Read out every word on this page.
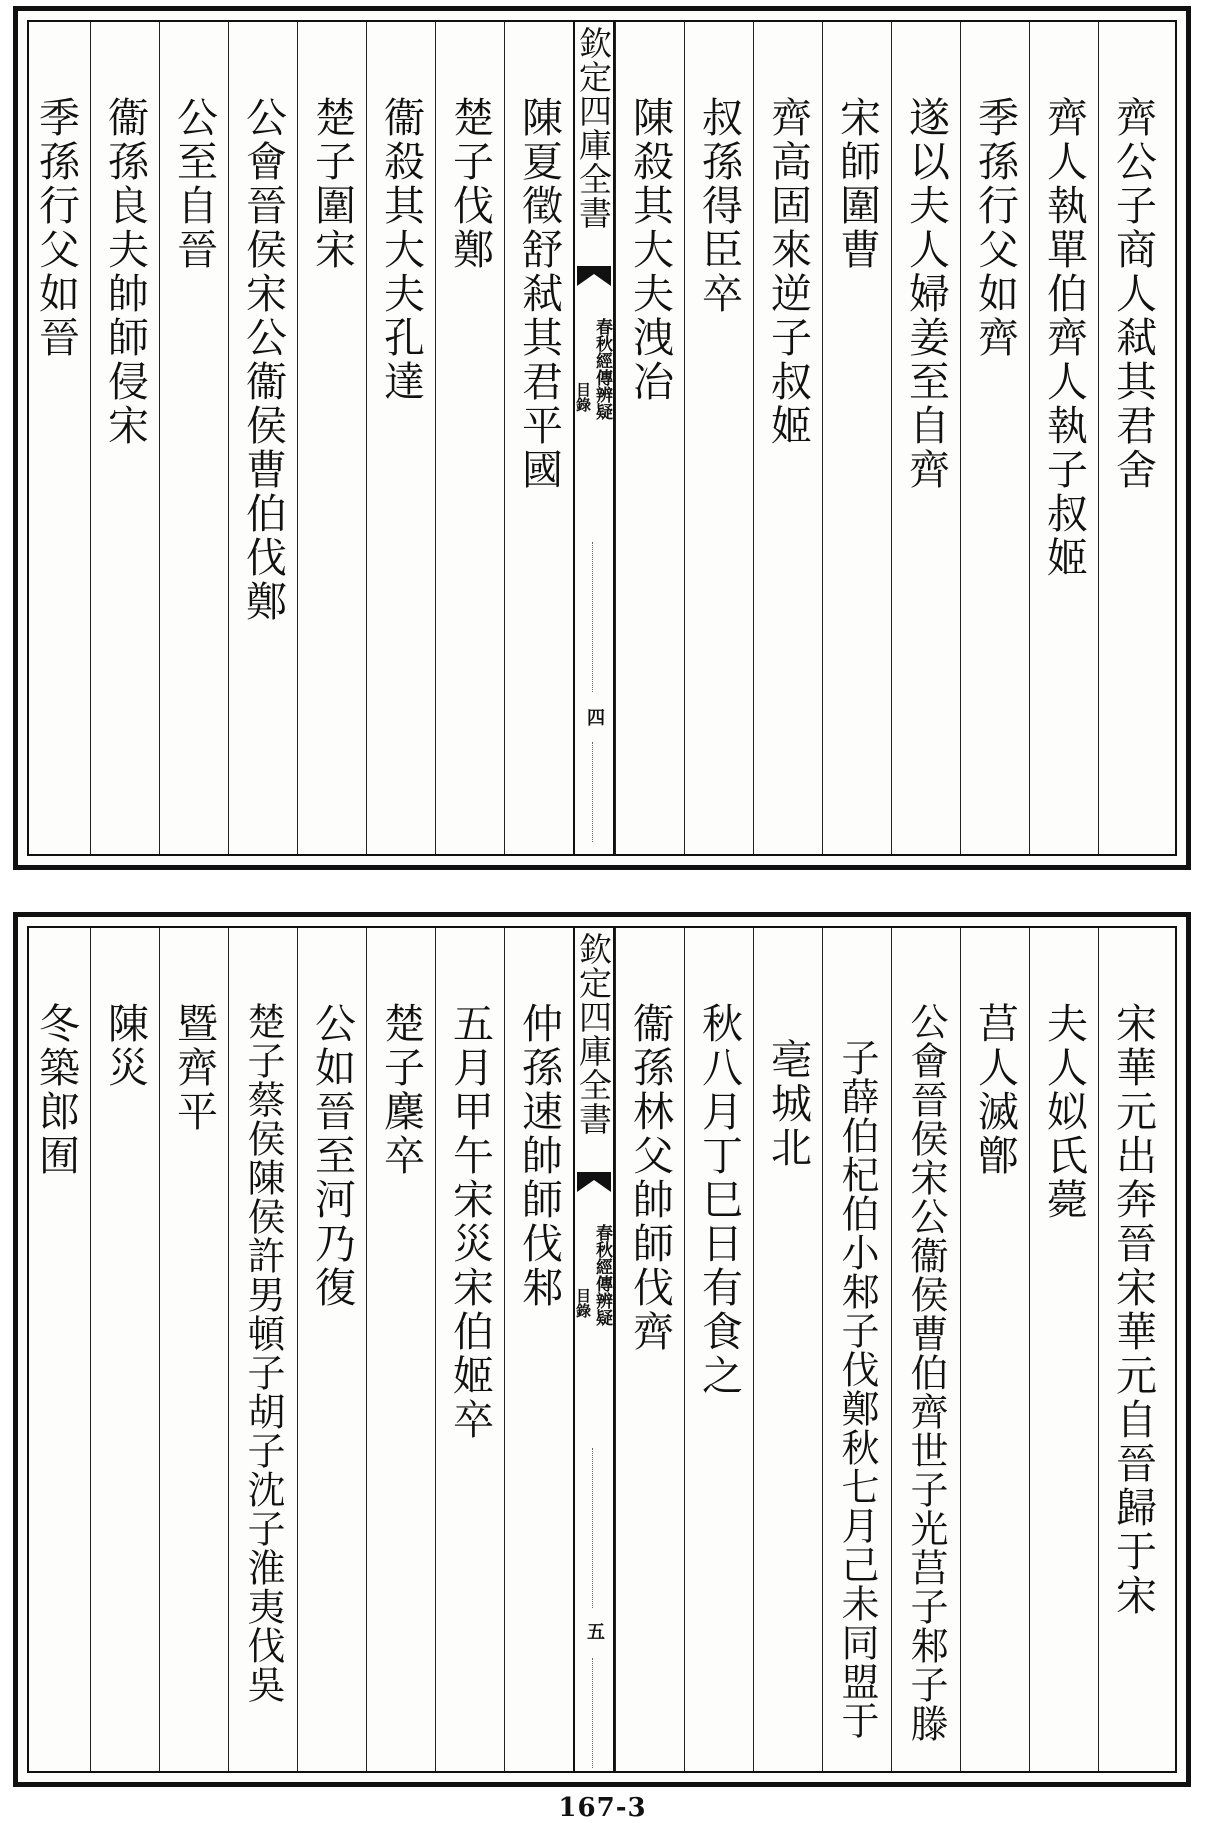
齊公子商人弒其君舍
齊人執單伯齊人執子叔姬
季孫行父如齊
遂以夫人婦姜至自齊
宋師圍曹
齊高固來逆子叔姬
叔孫得臣卒
陳殺其大夫洩冶
欽定四庫全書
春秋經傳辨疑
目錄
四
陳夏徵舒弒其君平國
楚子伐鄭
衞殺其大夫孔達
楚子圍宋
公會晉侯宋公衞侯曹伯伐鄭
公至自晉
衞孫良夫帥師侵宋
季孫行父如晉
宋華元出奔晉宋華元自晉歸于宋
夫人姒氏薨
莒人滅鄫
公會晉侯宋公衞侯曹伯齊世子光莒子邾子滕
子薛伯杞伯小邾子伐鄭秋七月己未同盟于
亳城北
秋八月丁巳日有食之
衞孫林父帥師伐齊
欽定四庫全書
春秋經傳辨疑
目錄
五
仲孫速帥師伐邾
五月甲午宋災宋伯姬卒
楚子麇卒
公如晉至河乃復
楚子蔡侯陳侯許男頓子胡子沈子淮夷伐吳
暨齊平
陳災
冬築郎囿
167-3
